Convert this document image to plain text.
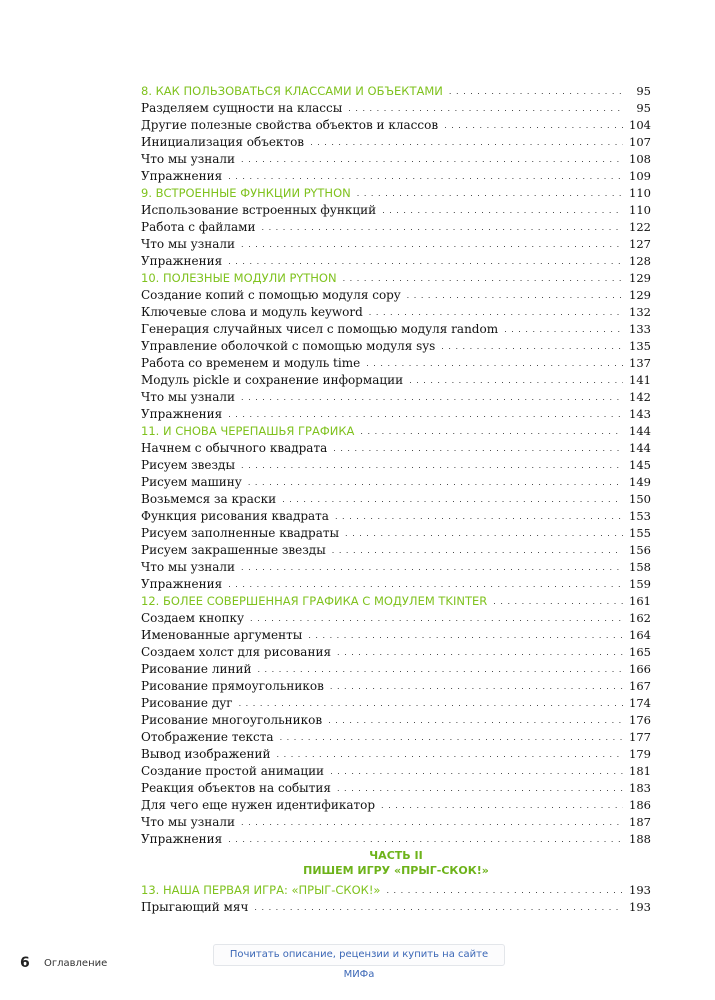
8. КАК ПОЛЬЗОВАТЬСЯ КЛАССАМИ И ОБЪЕКТАМИ . . .	95
Разделяем сущности на классы . . .	95
Другие полезные свойства объектов и классов . . .	104
Инициализация объектов . . .	107
Что мы узнали . . .	108
Упражнения . . .	109
9. ВСТРОЕННЫЕ ФУНКЦИИ PYTHON . . .	110
Использование встроенных функций . . .	110
Работа с файлами . . .	122
Что мы узнали . . .	127
Упражнения . . .	128
10. ПОЛЕЗНЫЕ МОДУЛИ PYTHON . . .	129
Создание копий с помощью модуля copy . . .	129
Ключевые слова и модуль keyword . . .	132
Генерация случайных чисел с помощью модуля random . . .	133
Управление оболочкой с помощью модуля sys . . .	135
Работа со временем и модуль time . . .	137
Модуль pickle и сохранение информации . . .	141
Что мы узнали . . .	142
Упражнения . . .	143
11. И СНОВА ЧЕРЕПАШЬЯ ГРАФИКА . . .	144
Начнем с обычного квадрата . . .	144
Рисуем звезды . . .	145
Рисуем машину . . .	149
Возьмемся за краски . . .	150
Функция рисования квадрата . . .	153
Рисуем заполненные квадраты . . .	155
Рисуем закрашенные звезды . . .	156
Что мы узнали . . .	158
Упражнения . . .	159
12. БОЛЕЕ СОВЕРШЕННАЯ ГРАФИКА С МОДУЛЕМ TKINTER . . .	161
Создаем кнопку . . .	162
Именованные аргументы . . .	164
Создаем холст для рисования . . .	165
Рисование линий . . .	166
Рисование прямоугольников . . .	167
Рисование дуг . . .	174
Рисование многоугольников . . .	176
Отображение текста . . .	177
Вывод изображений . . .	179
Создание простой анимации . . .	181
Реакция объектов на события . . .	183
Для чего еще нужен идентификатор . . .	186
Что мы узнали . . .	187
Упражнения . . .	188
ЧАСТЬ II
ПИШЕМ ИГРУ «ПРЫГ-СКОК!»
13. НАША ПЕРВАЯ ИГРА: «ПРЫГ-СКОК!» . . .	193
Прыгающий мяч . . .	193
6 Оглавление
Почитать описание, рецензии и купить на сайте МИФа
